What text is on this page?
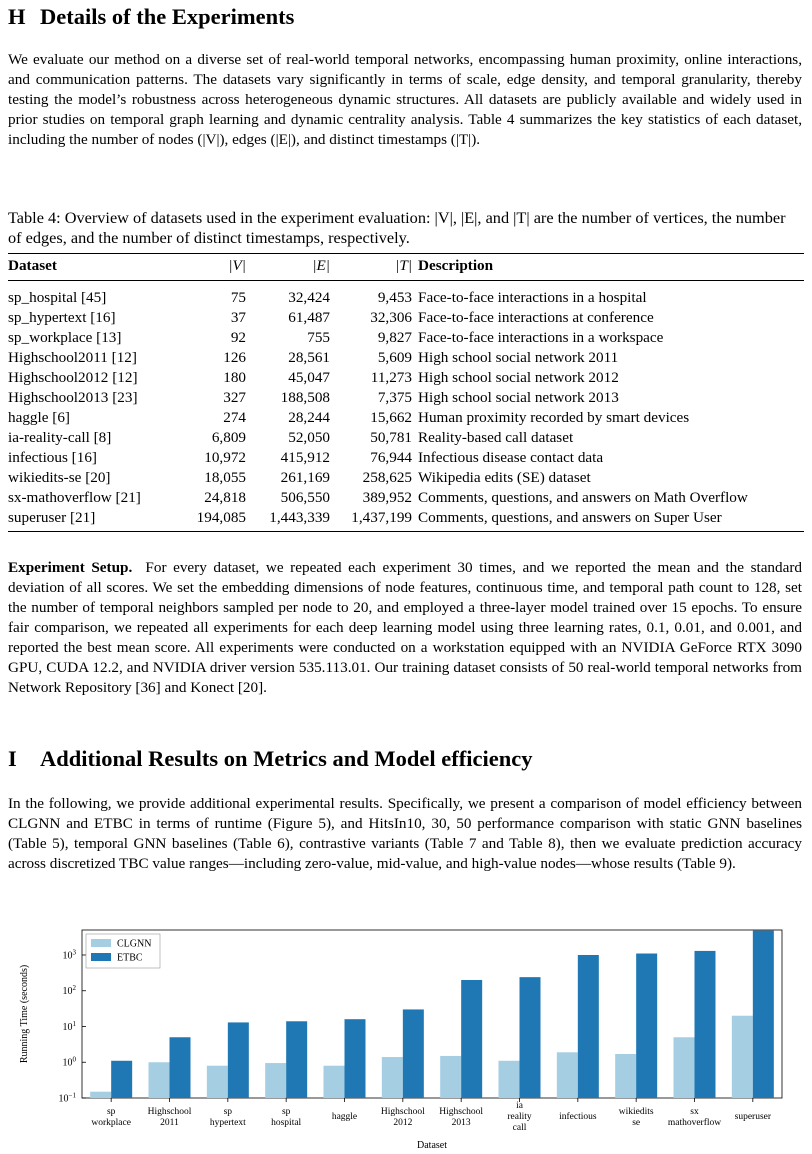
H Details of the Experiments

We evaluate our method on a diverse set of real-world temporal networks, encompassing human proximity, online interactions, and communication patterns. The datasets vary significantly in terms of scale, edge density, and temporal granularity, thereby testing the model’s robustness across heterogeneous dynamic structures. All datasets are publicly available and widely used in prior studies on temporal graph learning and dynamic centrality analysis. Table 4 summarizes the key statistics of each dataset, including the number of nodes (|V|), edges (|E|), and distinct timestamps (|T|).

Table 4: Overview of datasets used in the experiment evaluation: |V|, |E|, and |T| are the number of vertices, the number of edges, and the number of distinct timestamps, respectively.

Dataset	|V|	|E|	|T|	Description
sp_hospital [45]	75	32,424	9,453	Face-to-face interactions in a hospital
sp_hypertext [16]	37	61,487	32,306	Face-to-face interactions at conference
sp_workplace [13]	92	755	9,827	Face-to-face interactions in a workspace
Highschool2011 [12]	126	28,561	5,609	High school social network 2011
Highschool2012 [12]	180	45,047	11,273	High school social network 2012
Highschool2013 [23]	327	188,508	7,375	High school social network 2013
haggle [6]	274	28,244	15,662	Human proximity recorded by smart devices
ia-reality-call [8]	6,809	52,050	50,781	Reality-based call dataset
infectious [16]	10,972	415,912	76,944	Infectious disease contact data
wikiedits-se [20]	18,055	261,169	258,625	Wikipedia edits (SE) dataset
sx-mathoverflow [21]	24,818	506,550	389,952	Comments, questions, and answers on Math Overflow
superuser [21]	194,085	1,443,339	1,437,199	Comments, questions, and answers on Super User

Experiment Setup. For every dataset, we repeated each experiment 30 times, and we reported the mean and the standard deviation of all scores. We set the embedding dimensions of node features, continuous time, and temporal path count to 128, set the number of temporal neighbors sampled per node to 20, and employed a three-layer model trained over 15 epochs. To ensure fair comparison, we repeated all experiments for each deep learning model using three learning rates, 0.1, 0.01, and 0.001, and reported the best mean score. All experiments were conducted on a workstation equipped with an NVIDIA GeForce RTX 3090 GPU, CUDA 12.2, and NVIDIA driver version 535.113.01. Our training dataset consists of 50 real-world temporal networks from Network Repository [36] and Konect [20].

I Additional Results on Metrics and Model efficiency

In the following, we provide additional experimental results. Specifically, we present a comparison of model efficiency between CLGNN and ETBC in terms of runtime (Figure 5), and HitsIn10, 30, 50 performance comparison with static GNN baselines (Table 5), temporal GNN baselines (Table 6), contrastive variants (Table 7 and Table 8), then we evaluate prediction accuracy across discretized TBC value ranges—including zero-value, mid-value, and high-value nodes—whose results (Table 9).

$10^{-1}$
$10^0$
$10^1$
$10^2$
$10^3$
sp
workplace
Highschool
2011
sp
hypertext
sp
hospital
haggle	Highschool
2012
Highschool
2013
ia
reality
call
infectious wikiedits
se
sx
mathoverflow
superuser
Dataset
Running Time (seconds)
CLGNN
ETBC
